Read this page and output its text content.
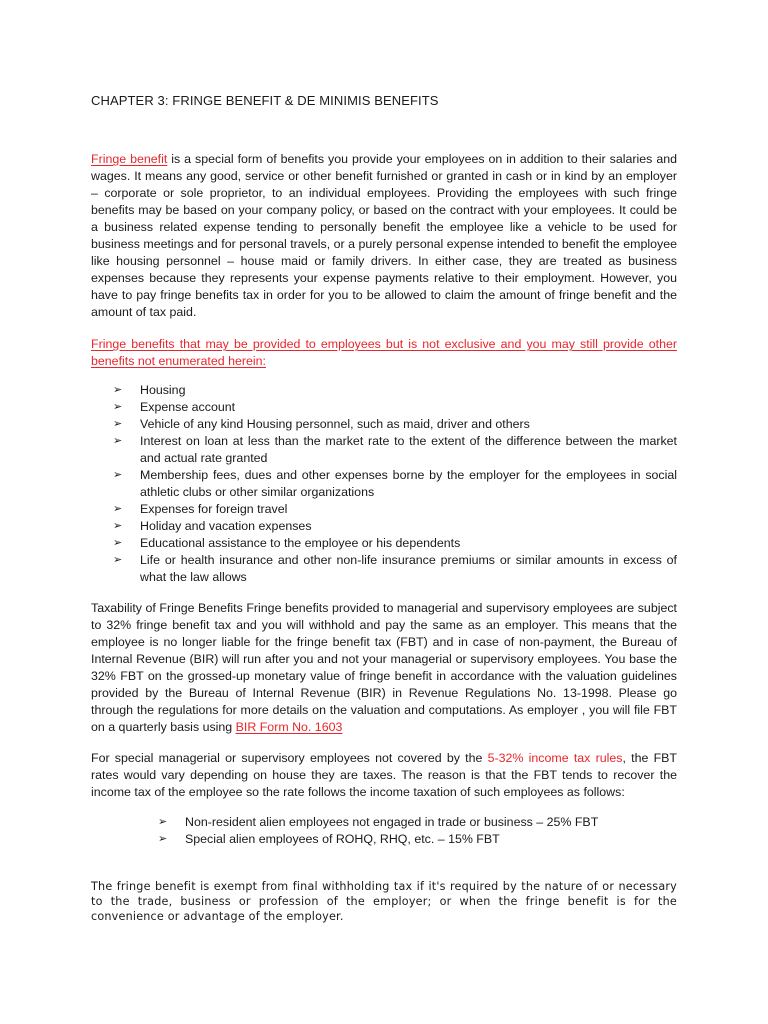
CHAPTER 3: FRINGE BENEFIT & DE MINIMIS BENEFITS
Fringe benefit is a special form of benefits you provide your employees on in addition to their salaries and wages. It means any good, service or other benefit furnished or granted in cash or in kind by an employer – corporate or sole proprietor, to an individual employees. Providing the employees with such fringe benefits may be based on your company policy, or based on the contract with your employees. It could be a business related expense tending to personally benefit the employee like a vehicle to be used for business meetings and for personal travels, or a purely personal expense intended to benefit the employee like housing personnel – house maid or family drivers. In either case, they are treated as business expenses because they represents your expense payments relative to their employment. However, you have to pay fringe benefits tax in order for you to be allowed to claim the amount of fringe benefit and the amount of tax paid.
Fringe benefits that may be provided to employees but is not exclusive and you may still provide other benefits not enumerated herein:
➢ Housing
➢ Expense account
➢ Vehicle of any kind Housing personnel, such as maid, driver and others
➢ Interest on loan at less than the market rate to the extent of the difference between the market and actual rate granted
➢ Membership fees, dues and other expenses borne by the employer for the employees in social athletic clubs or other similar organizations
➢ Expenses for foreign travel
➢ Holiday and vacation expenses
➢ Educational assistance to the employee or his dependents
➢ Life or health insurance and other non-life insurance premiums or similar amounts in excess of what the law allows
Taxability of Fringe Benefits Fringe benefits provided to managerial and supervisory employees are subject to 32% fringe benefit tax and you will withhold and pay the same as an employer. This means that the employee is no longer liable for the fringe benefit tax (FBT) and in case of non-payment, the Bureau of Internal Revenue (BIR) will run after you and not your managerial or supervisory employees. You base the 32% FBT on the grossed-up monetary value of fringe benefit in accordance with the valuation guidelines provided by the Bureau of Internal Revenue (BIR) in Revenue Regulations No. 13-1998. Please go through the regulations for more details on the valuation and computations. As employer , you will file FBT on a quarterly basis using BIR Form No. 1603
For special managerial or supervisory employees not covered by the 5-32% income tax rules, the FBT rates would vary depending on house they are taxes. The reason is that the FBT tends to recover the income tax of the employee so the rate follows the income taxation of such employees as follows:
➢ Non-resident alien employees not engaged in trade or business – 25% FBT
➢ Special alien employees of ROHQ, RHQ, etc. – 15% FBT
The fringe benefit is exempt from final withholding tax if it's required by the nature of or necessary to the trade, business or profession of the employer; or when the fringe benefit is for the convenience or advantage of the employer.
